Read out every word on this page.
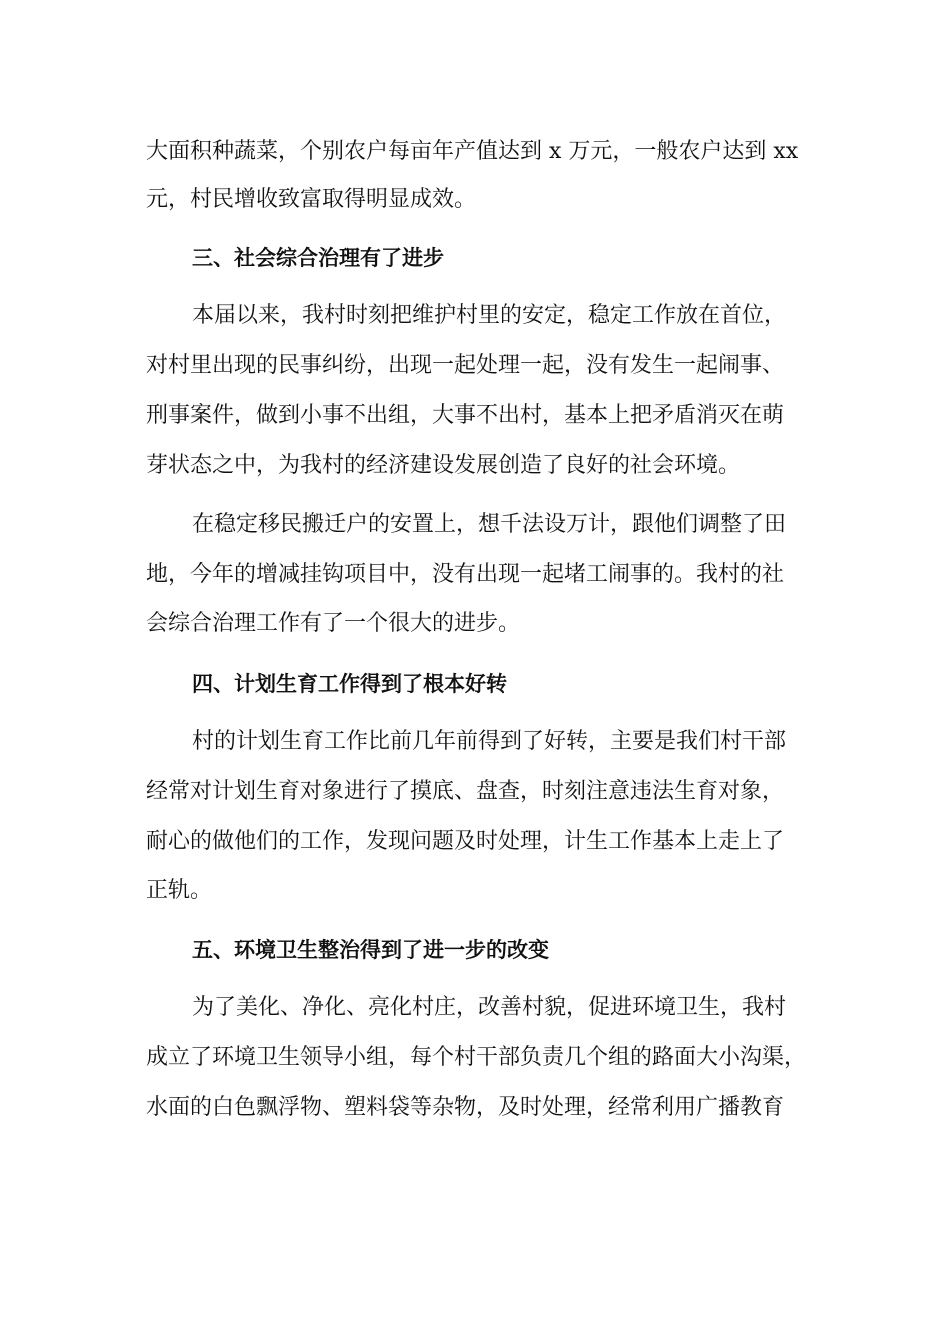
大面积种蔬菜，个别农户每亩年产值达到 x 万元，一般农户达到 xx
元，村民增收致富取得明显成效。
三、社会综合治理有了进步
本届以来，我村时刻把维护村里的安定，稳定工作放在首位，
对村里出现的民事纠纷，出现一起处理一起，没有发生一起闹事、
刑事案件，做到小事不出组，大事不出村，基本上把矛盾消灭在萌
芽状态之中，为我村的经济建设发展创造了良好的社会环境。
在稳定移民搬迁户的安置上，想千法设万计，跟他们调整了田
地，今年的增减挂钩项目中，没有出现一起堵工闹事的。我村的社
会综合治理工作有了一个很大的进步。
四、计划生育工作得到了根本好转
村的计划生育工作比前几年前得到了好转，主要是我们村干部
经常对计划生育对象进行了摸底、盘查，时刻注意违法生育对象，
耐心的做他们的工作，发现问题及时处理，计生工作基本上走上了
正轨。
五、环境卫生整治得到了进一步的改变
为了美化、净化、亮化村庄，改善村貌，促进环境卫生，我村
成立了环境卫生领导小组，每个村干部负责几个组的路面大小沟渠，
水面的白色飘浮物、塑料袋等杂物，及时处理，经常利用广播教育
